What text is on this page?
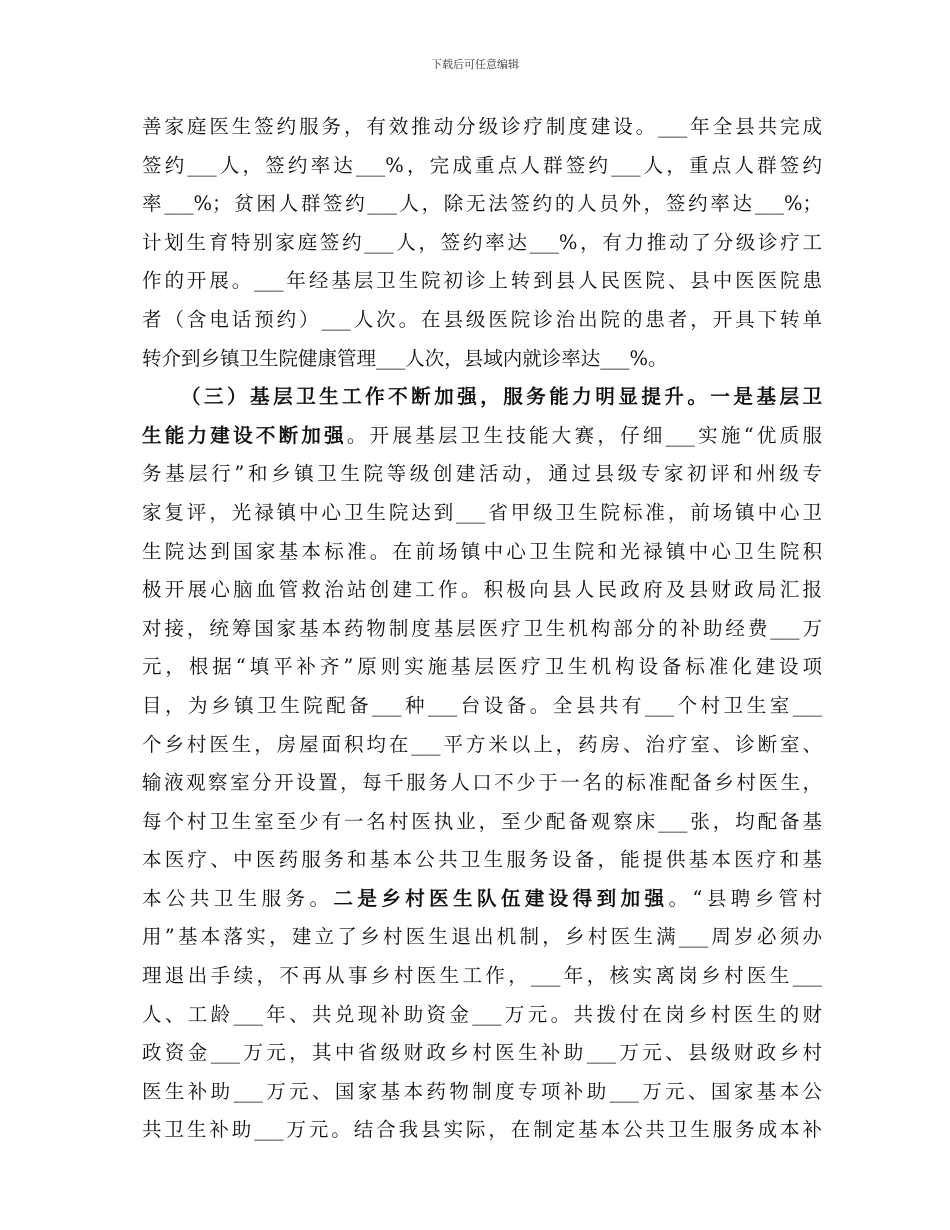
下载后可任意编辑
善家庭医生签约服务，有效推动分级诊疗制度建设。___年全县共完成
签约___人，签约率达___%，完成重点人群签约___人，重点人群签约
率___%；贫困人群签约___人，除无法签约的人员外，签约率达___%；
计划生育特别家庭签约___人，签约率达___%，有力推动了分级诊疗工
作的开展。___年经基层卫生院初诊上转到县人民医院、县中医医院患
者（含电话预约）___人次。在县级医院诊治出院的患者，开具下转单
转介到乡镇卫生院健康管理___人次，县域内就诊率达___%。
（三）基层卫生工作不断加强，服务能力明显提升。一是基层卫
生能力建设不断加强。开展基层卫生技能大赛，仔细___实施“优质服
务基层行”和乡镇卫生院等级创建活动，通过县级专家初评和州级专
家复评，光禄镇中心卫生院达到___省甲级卫生院标准，前场镇中心卫
生院达到国家基本标准。在前场镇中心卫生院和光禄镇中心卫生院积
极开展心脑血管救治站创建工作。积极向县人民政府及县财政局汇报
对接，统筹国家基本药物制度基层医疗卫生机构部分的补助经费___万
元，根据“填平补齐”原则实施基层医疗卫生机构设备标准化建设项
目，为乡镇卫生院配备___种___台设备。全县共有___个村卫生室___
个乡村医生，房屋面积均在___平方米以上，药房、治疗室、诊断室、
输液观察室分开设置，每千服务人口不少于一名的标准配备乡村医生，
每个村卫生室至少有一名村医执业，至少配备观察床___张，均配备基
本医疗、中医药服务和基本公共卫生服务设备，能提供基本医疗和基
本公共卫生服务。二是乡村医生队伍建设得到加强。“县聘乡管村
用”基本落实，建立了乡村医生退出机制，乡村医生满___周岁必须办
理退出手续，不再从事乡村医生工作，___年，核实离岗乡村医生___
人、工龄___年、共兑现补助资金___万元。共拨付在岗乡村医生的财
政资金___万元，其中省级财政乡村医生补助___万元、县级财政乡村
医生补助___万元、国家基本药物制度专项补助___万元、国家基本公
共卫生补助___万元。结合我县实际，在制定基本公共卫生服务成本补
